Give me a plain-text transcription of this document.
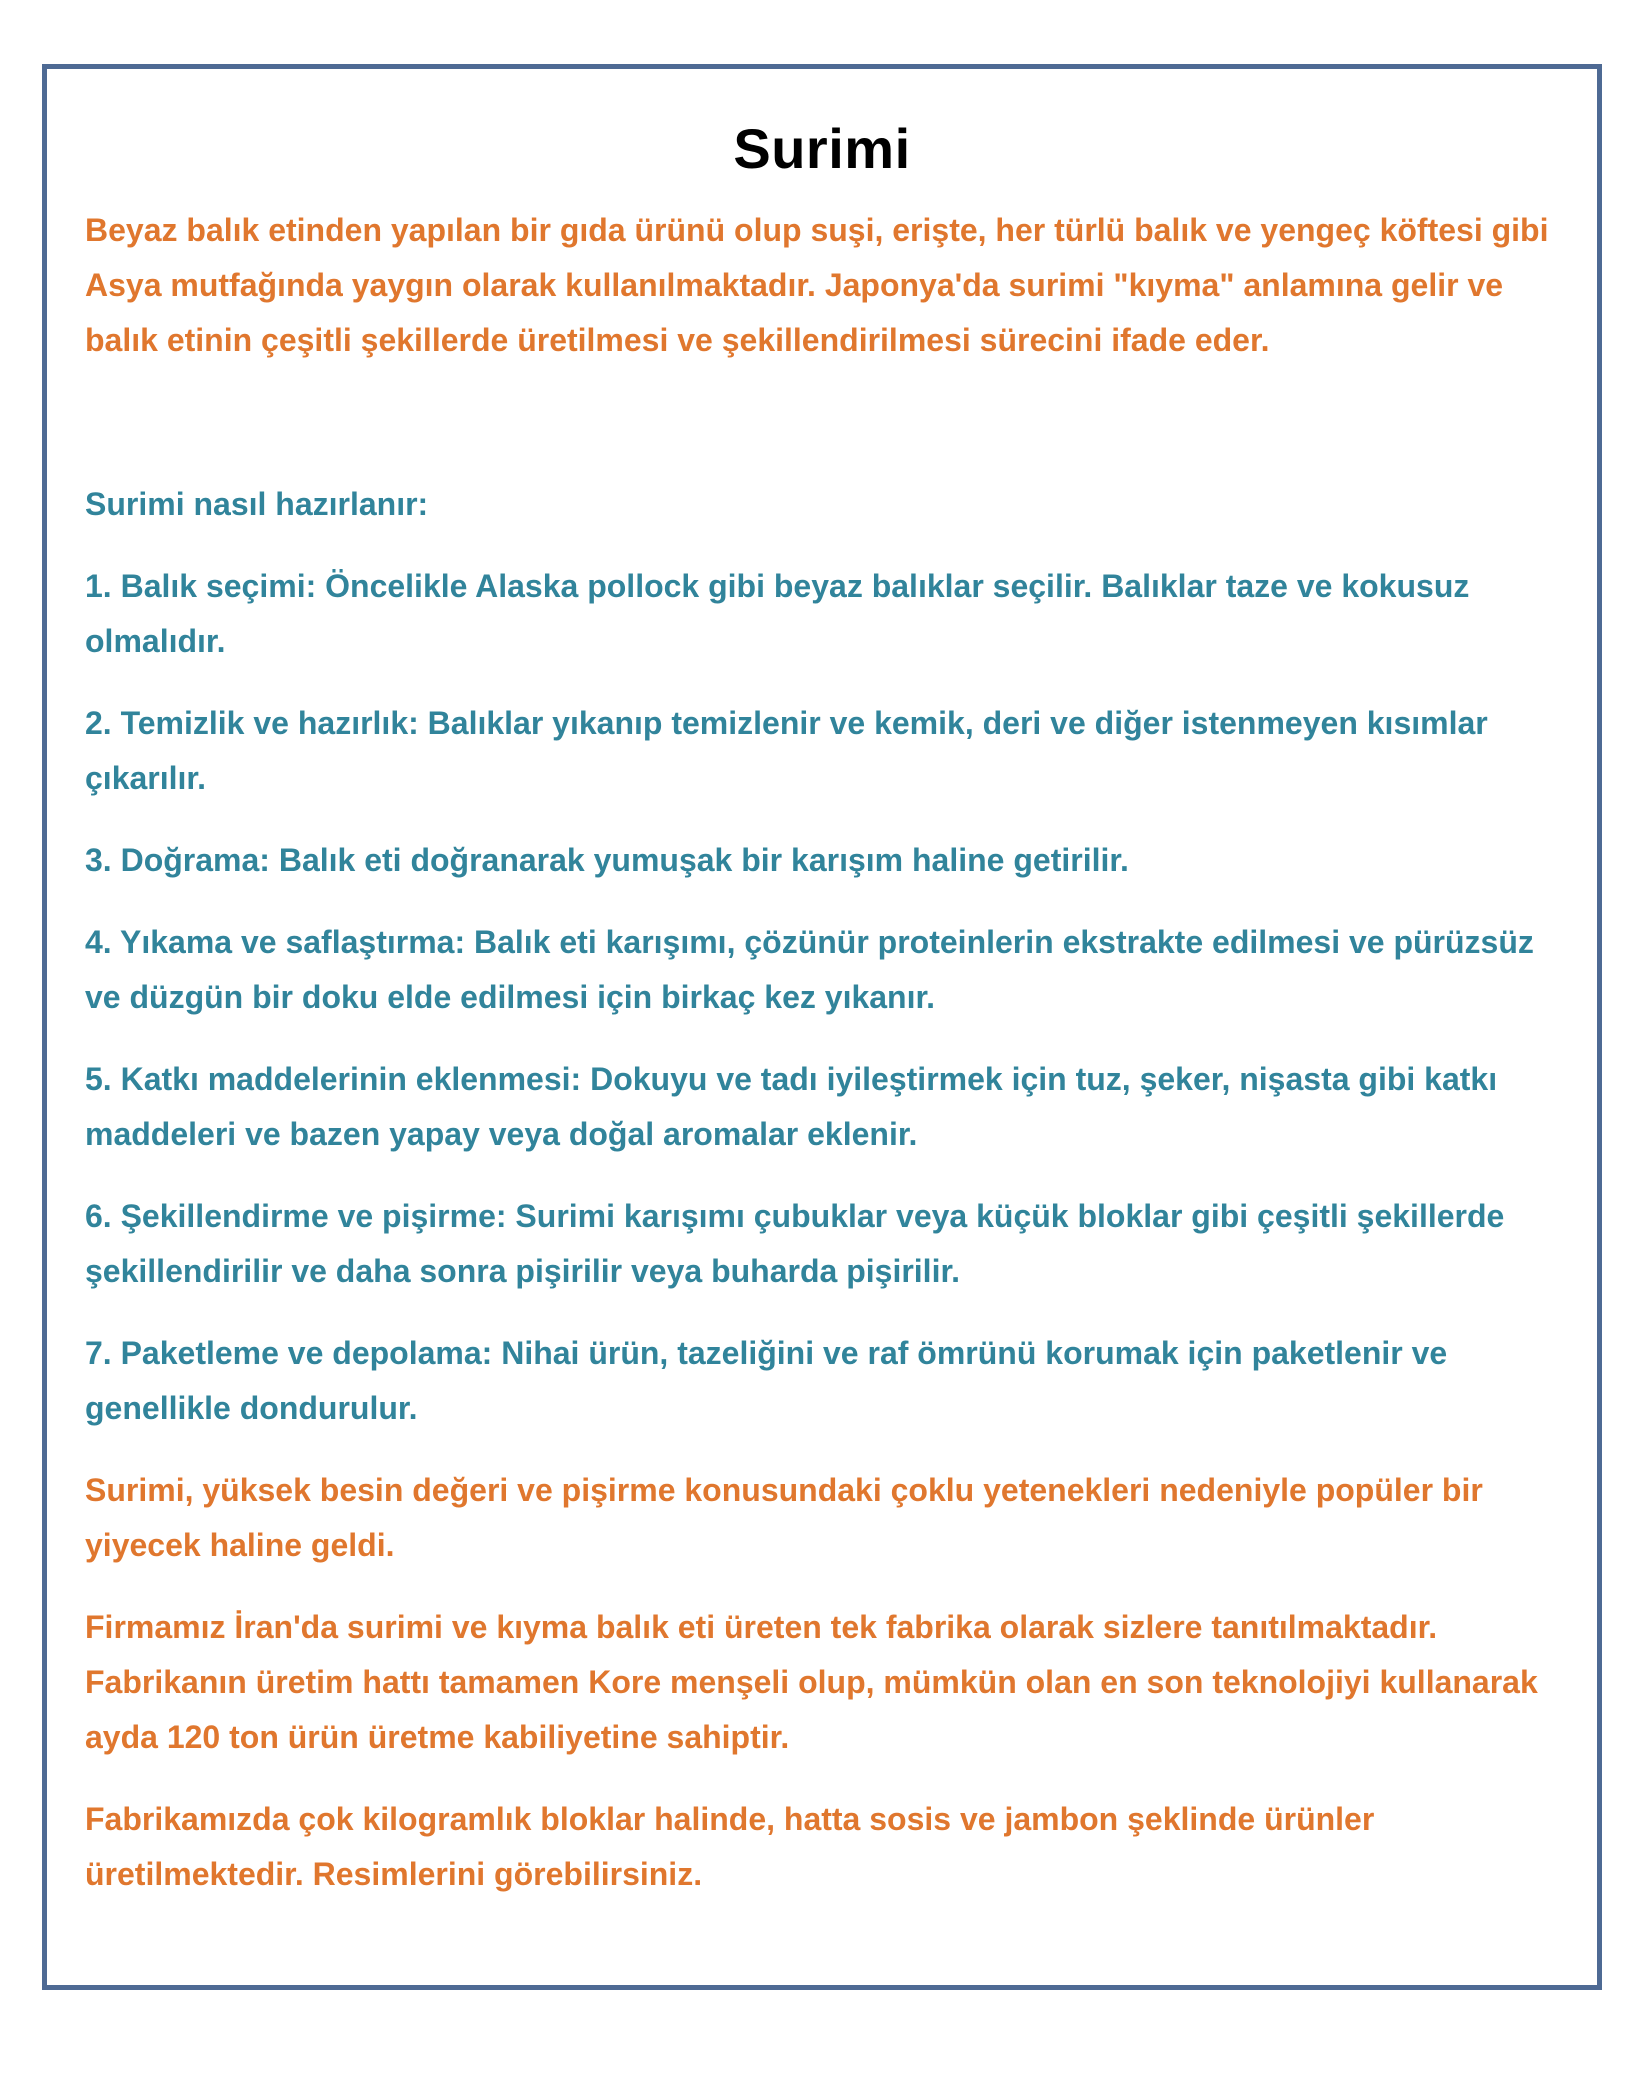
Surimi

Beyaz balık etinden yapılan bir gıda ürünü olup suşi, erişte, her türlü balık ve yengeç köftesi gibi Asya mutfağında yaygın olarak kullanılmaktadır. Japonya'da surimi "kıyma" anlamına gelir ve balık etinin çeşitli şekillerde üretilmesi ve şekillendirilmesi sürecini ifade eder.

Surimi nasıl hazırlanır:

1. Balık seçimi: Öncelikle Alaska pollock gibi beyaz balıklar seçilir. Balıklar taze ve kokusuz olmalıdır.

2. Temizlik ve hazırlık: Balıklar yıkanıp temizlenir ve kemik, deri ve diğer istenmeyen kısımlar çıkarılır.

3. Doğrama: Balık eti doğranarak yumuşak bir karışım haline getirilir.

4. Yıkama ve saflaştırma: Balık eti karışımı, çözünür proteinlerin ekstrakte edilmesi ve pürüzsüz ve düzgün bir doku elde edilmesi için birkaç kez yıkanır.

5. Katkı maddelerinin eklenmesi: Dokuyu ve tadı iyileştirmek için tuz, şeker, nişasta gibi katkı maddeleri ve bazen yapay veya doğal aromalar eklenir.

6. Şekillendirme ve pişirme: Surimi karışımı çubuklar veya küçük bloklar gibi çeşitli şekillerde şekillendirilir ve daha sonra pişirilir veya buharda pişirilir.

7. Paketleme ve depolama: Nihai ürün, tazeliğini ve raf ömrünü korumak için paketlenir ve genellikle dondurulur.

Surimi, yüksek besin değeri ve pişirme konusundaki çoklu yetenekleri nedeniyle popüler bir yiyecek haline geldi.

Firmamız İran'da surimi ve kıyma balık eti üreten tek fabrika olarak sizlere tanıtılmaktadır. Fabrikanın üretim hattı tamamen Kore menşeli olup, mümkün olan en son teknolojiyi kullanarak ayda 120 ton ürün üretme kabiliyetine sahiptir.

Fabrikamızda çok kilogramlık bloklar halinde, hatta sosis ve jambon şeklinde ürünler üretilmektedir. Resimlerini görebilirsiniz.
